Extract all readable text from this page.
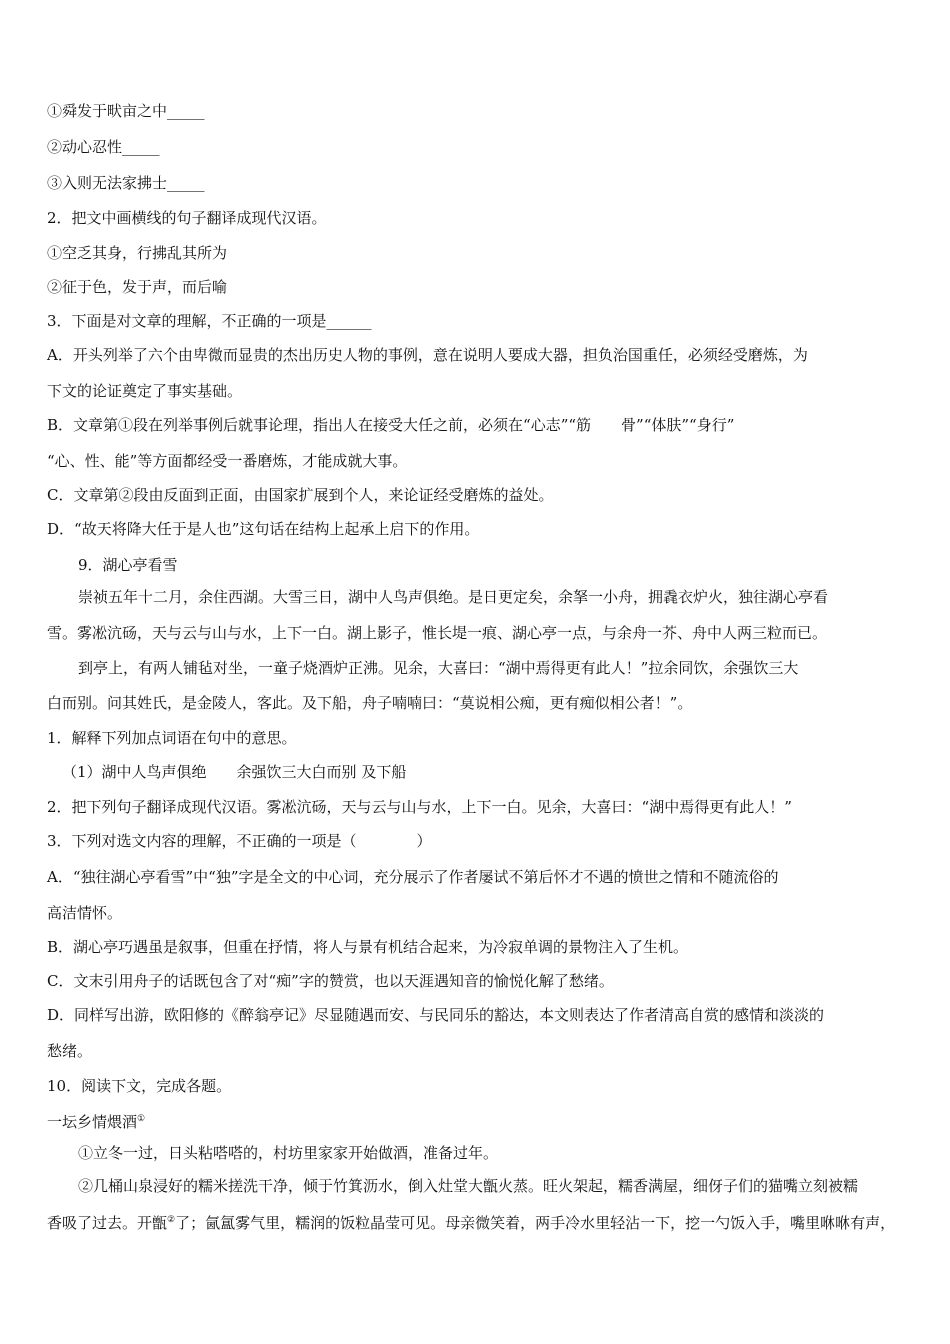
①舜发于畎亩之中_____
②动心忍性_____
③入则无法家拂士_____
2．把文中画横线的句子翻译成现代汉语。
①空乏其身，行拂乱其所为
②征于色，发于声，而后喻
3．下面是对文章的理解，不正确的一项是______
A．开头列举了六个由卑微而显贵的杰出历史人物的事例，意在说明人要成大器，担负治国重任，必须经受磨炼，为
下文的论证奠定了事实基础。
B．文章第①段在列举事例后就事论理，指出人在接受大任之前，必须在“心志”“筋　　骨”“体肤”“身行”
“心、性、能”等方面都经受一番磨炼，才能成就大事。
C．文章第②段由反面到正面，由国家扩展到个人，来论证经受磨炼的益处。
D．“故天将降大任于是人也”这句话在结构上起承上启下的作用。
9．湖心亭看雪
崇祯五年十二月，余住西湖。大雪三日，湖中人鸟声俱绝。是日更定矣，余拏一小舟，拥毳衣炉火，独往湖心亭看
雪。雾凇沆砀，天与云与山与水，上下一白。湖上影子，惟长堤一痕、湖心亭一点，与余舟一芥、舟中人两三粒而已。
到亭上，有两人铺毡对坐，一童子烧酒炉正沸。见余，大喜曰：“湖中焉得更有此人！”拉余同饮，余强饮三大
白而别。问其姓氏，是金陵人，客此。及下船，舟子喃喃曰：“莫说相公痴，更有痴似相公者！”。
1．解释下列加点词语在句中的意思。
（1）湖中人鸟声俱绝　　余强饮三大白而别 及下船
2．把下列句子翻译成现代汉语。雾凇沆砀，天与云与山与水，上下一白。见余，大喜曰：“湖中焉得更有此人！”
3．下列对选文内容的理解，不正确的一项是（　　　　）
A．“独往湖心亭看雪”中“独”字是全文的中心词，充分展示了作者屡试不第后怀才不遇的愤世之情和不随流俗的
高洁情怀。
B．湖心亭巧遇虽是叙事，但重在抒情，将人与景有机结合起来，为冷寂单调的景物注入了生机。
C．文末引用舟子的话既包含了对“痴”字的赞赏，也以天涯遇知音的愉悦化解了愁绪。
D．同样写出游，欧阳修的《醉翁亭记》尽显随遇而安、与民同乐的豁达，本文则表达了作者清高自赏的感情和淡淡的
愁绪。
10．阅读下文，完成各题。
一坛乡情煨酒①
①立冬一过，日头粘嗒嗒的，村坊里家家开始做酒，准备过年。
②几桶山泉浸好的糯米搓洗干净，倾于竹箕沥水，倒入灶堂大甑火蒸。旺火架起，糯香满屋，细伢子们的猫嘴立刻被糯
香吸了过去。开甑②了；氤氲雾气里，糯润的饭粒晶莹可见。母亲微笑着，两手冷水里轻沾一下，挖一勺饭入手，嘴里咻咻有声，
